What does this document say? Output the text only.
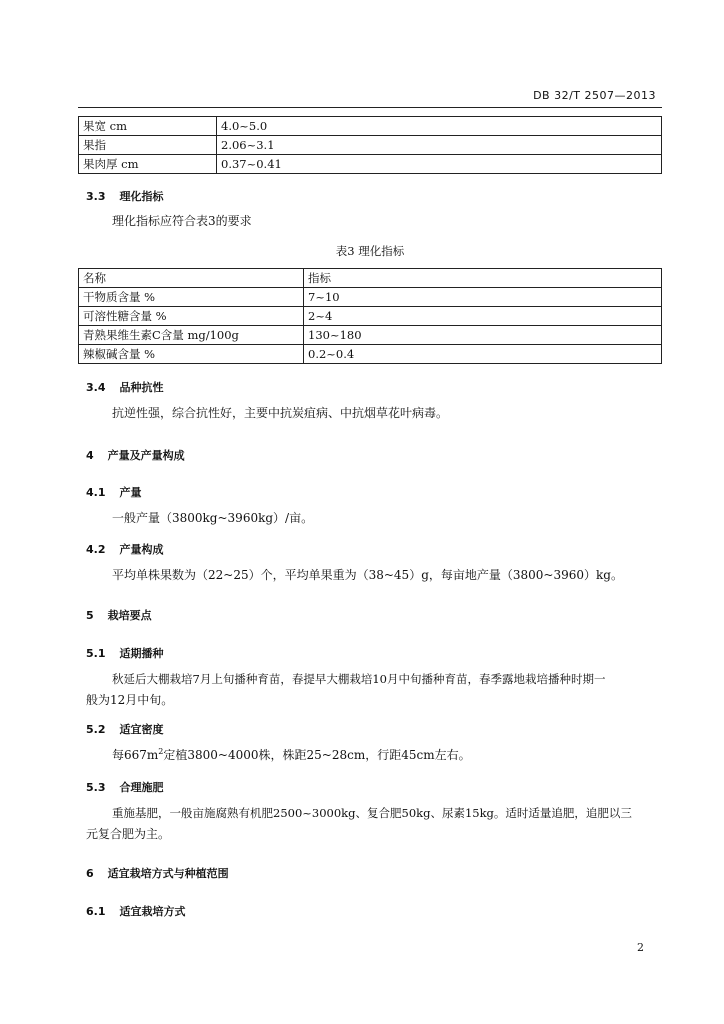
DB 32/T 2507—2013
果宽 cm	4.0~5.0
果指	2.06~3.1
果肉厚 cm	0.37~0.41
3.3 理化指标
理化指标应符合表3的要求
表3 理化指标
名称	指标
干物质含量 %	7~10
可溶性糖含量 %	2~4
青熟果维生素C含量 mg/100g	130~180
辣椒碱含量 %	0.2~0.4
3.4 品种抗性
抗逆性强，综合抗性好，主要中抗炭疽病、中抗烟草花叶病毒。
4 产量及产量构成
4.1 产量
一般产量（3800kg~3960kg）/亩。
4.2 产量构成
平均单株果数为（22~25）个，平均单果重为（38~45）g，每亩地产量（3800~3960）kg。
5 栽培要点
5.1 适期播种
秋延后大棚栽培7月上旬播种育苗，春提早大棚栽培10月中旬播种育苗，春季露地栽培播种时期一
般为12月中旬。
5.2 适宜密度
每$667m^2$定植3800~4000株，株距25~28cm，行距45cm左右。
5.3 合理施肥
重施基肥，一般亩施腐熟有机肥2500~3000kg、复合肥50kg、尿素15kg。适时适量追肥，追肥以三
元复合肥为主。
6 适宜栽培方式与种植范围
6.1 适宜栽培方式
2
